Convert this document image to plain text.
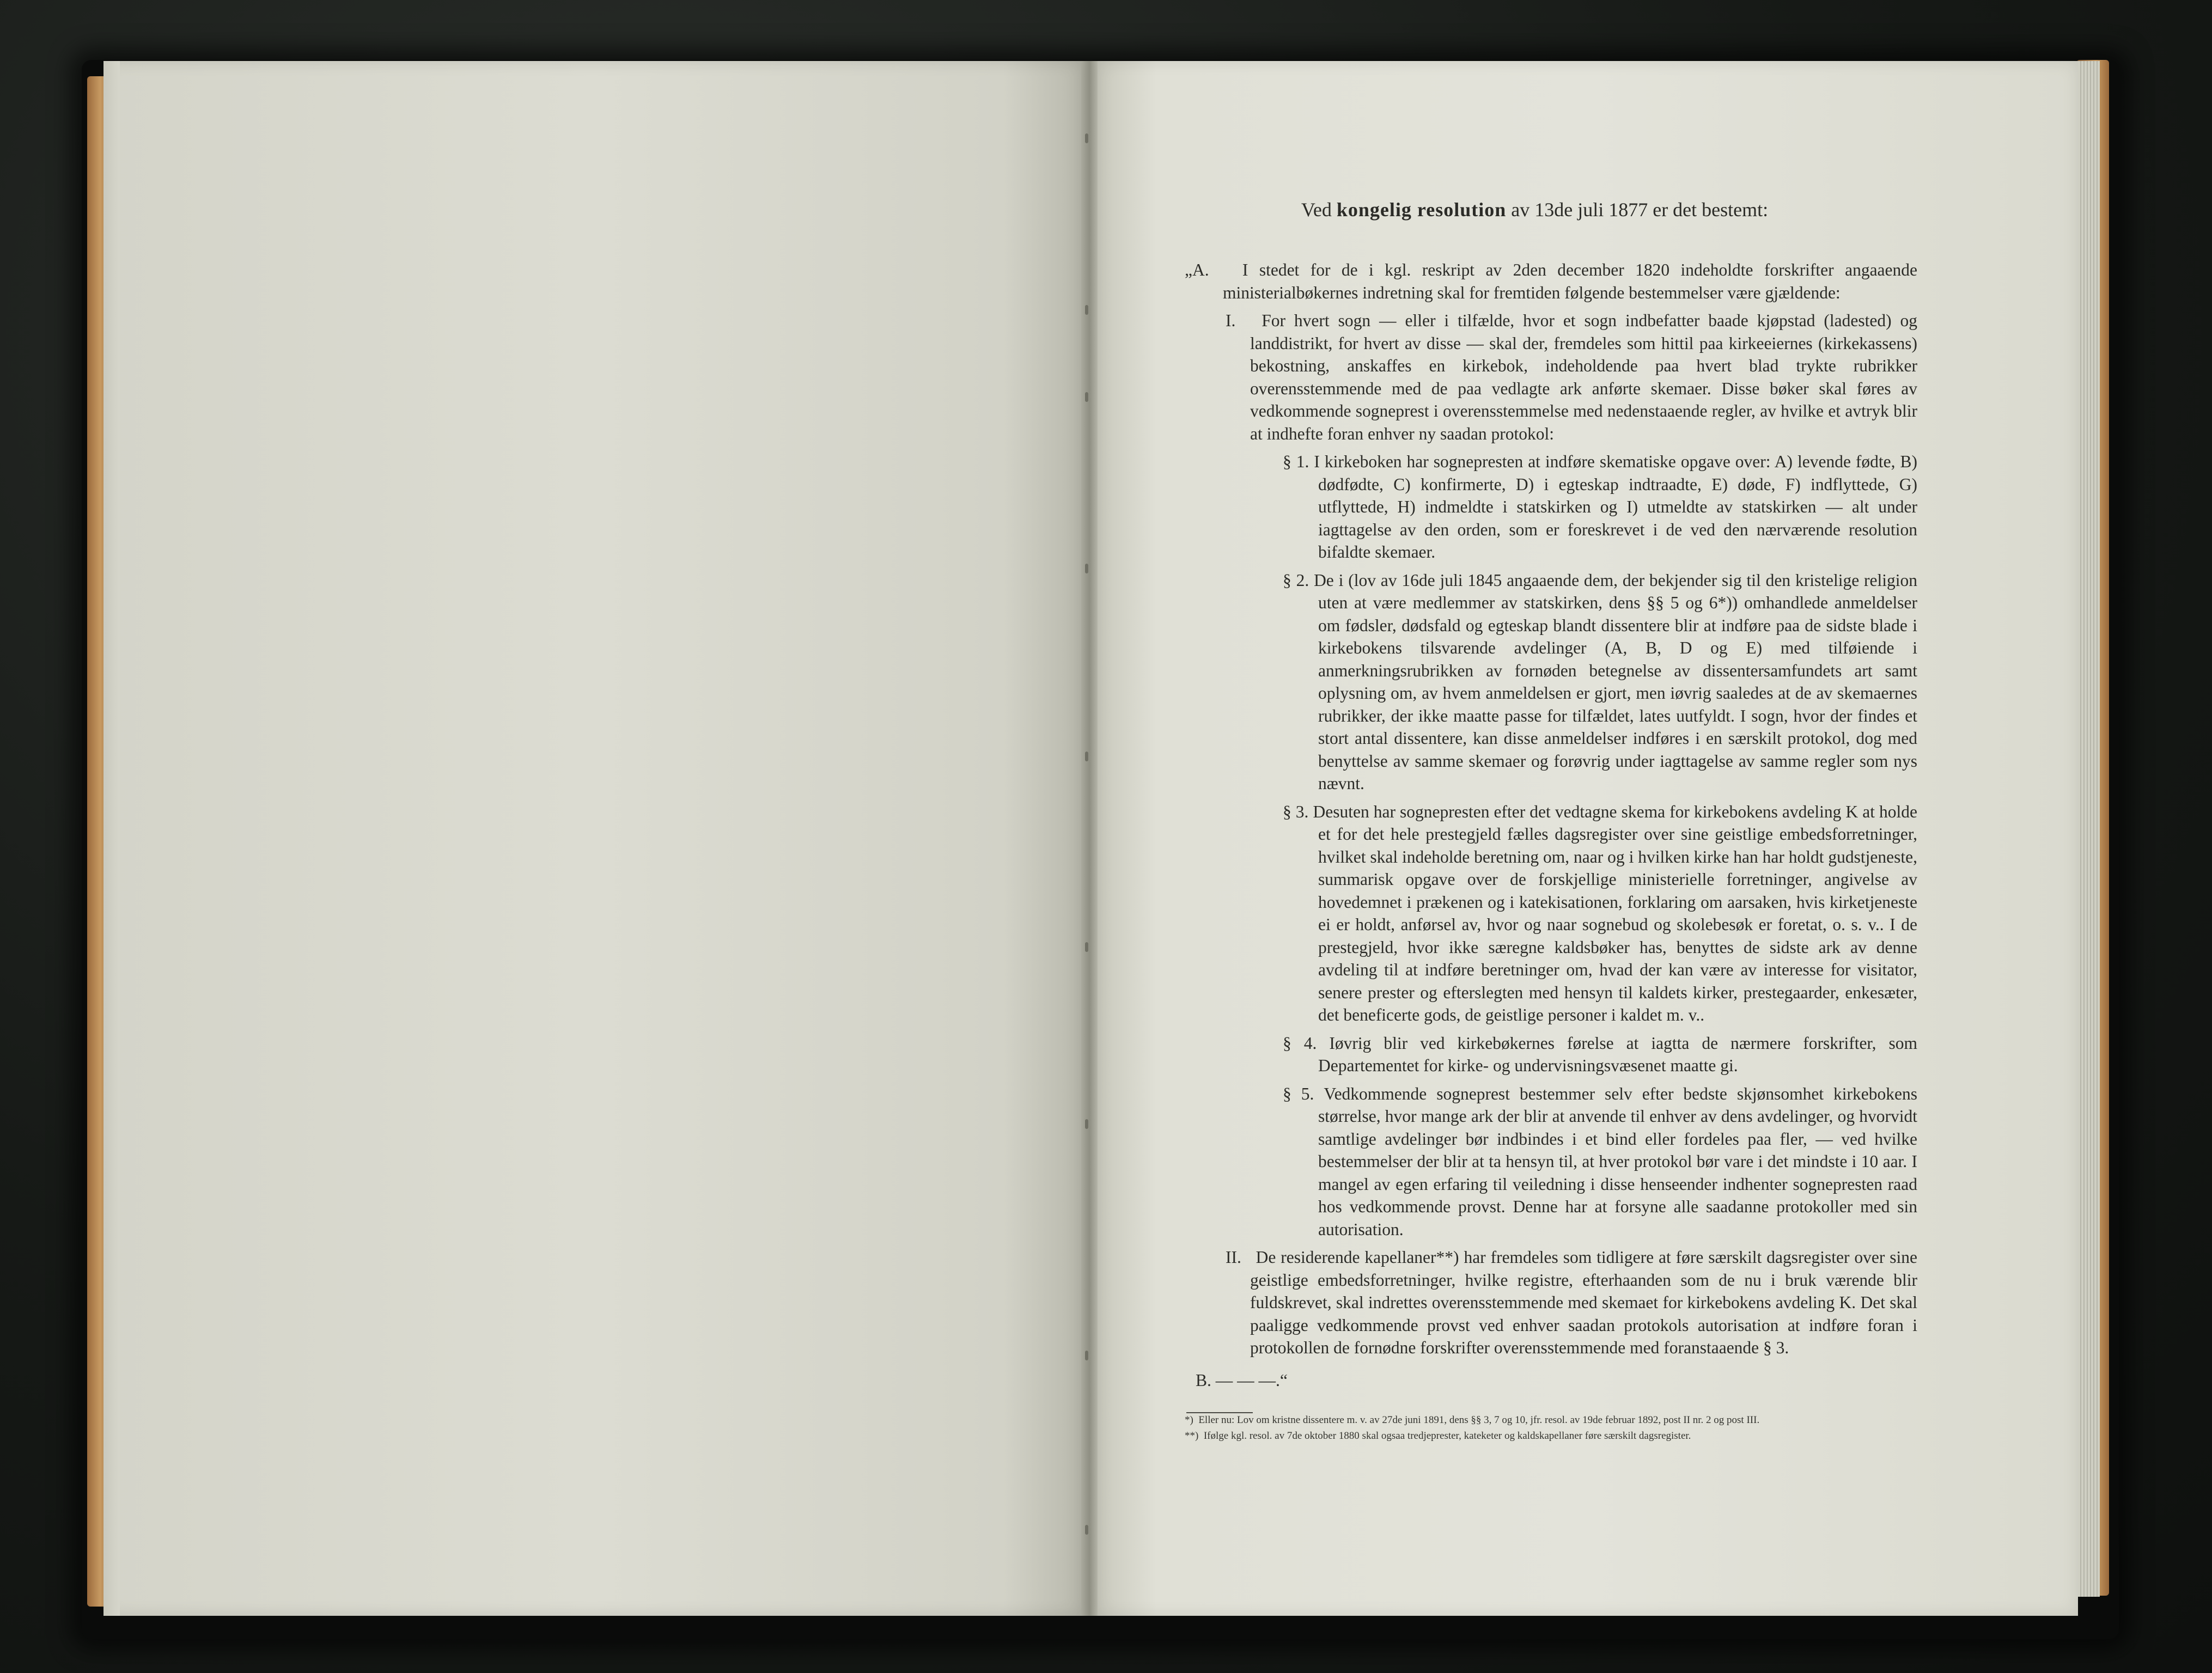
Ved kongelig resolution av 13de juli 1877 er det bestemt:
„A. I stedet for de i kgl. reskript av 2den december 1820 indeholdte forskrifter angaaende ministerialbøkernes indretning skal for fremtiden følgende bestemmelser være gjældende:
I. For hvert sogn — eller i tilfælde, hvor et sogn indbefatter baade kjøpstad (ladested) og landdistrikt, for hvert av disse — skal der, fremdeles som hittil paa kirkeeiernes (kirkekassens) bekostning, anskaffes en kirkebok, indeholdende paa hvert blad trykte rubrikker overensstemmende med de paa vedlagte ark anførte skemaer. Disse bøker skal føres av vedkommende sogneprest i overensstemmelse med nedenstaaende regler, av hvilke et avtryk blir at indhefte foran enhver ny saadan protokol:
§ 1. I kirkeboken har sognepresten at indføre skematiske opgave over: A) levende fødte, B) dødfødte, C) konfirmerte, D) i egteskap indtraadte, E) døde, F) indflyttede, G) utflyttede, H) indmeldte i statskirken og I) utmeldte av statskirken — alt under iagttagelse av den orden, som er foreskrevet i de ved den nærværende resolution bifaldte skemaer.
§ 2. De i (lov av 16de juli 1845 angaaende dem, der bekjender sig til den kristelige religion uten at være medlemmer av statskirken, dens §§ 5 og 6*)) omhandlede anmeldelser om fødsler, dødsfald og egteskap blandt dissentere blir at indføre paa de sidste blade i kirkebokens tilsvarende avdelinger (A, B, D og E) med tilføiende i anmerkningsrubrikken av fornøden betegnelse av dissentersamfundets art samt oplysning om, av hvem anmeldelsen er gjort, men iøvrig saaledes at de av skemaernes rubrikker, der ikke maatte passe for tilfældet, lates uutfyldt. I sogn, hvor der findes et stort antal dissentere, kan disse anmeldelser indføres i en særskilt protokol, dog med benyttelse av samme skemaer og forøvrig under iagttagelse av samme regler som nys nævnt.
§ 3. Desuten har sognepresten efter det vedtagne skema for kirkebokens avdeling K at holde et for det hele prestegjeld fælles dagsregister over sine geistlige embedsforretninger, hvilket skal indeholde beretning om, naar og i hvilken kirke han har holdt gudstjeneste, summarisk opgave over de forskjellige ministerielle forretninger, angivelse av hovedemnet i prækenen og i katekisationen, forklaring om aarsaken, hvis kirketjeneste ei er holdt, anførsel av, hvor og naar sognebud og skolebesøk er foretat, o. s. v.. I de prestegjeld, hvor ikke særegne kaldsbøker has, benyttes de sidste ark av denne avdeling til at indføre beretninger om, hvad der kan være av interesse for visitator, senere prester og efterslegten med hensyn til kaldets kirker, prestegaarder, enkesæter, det beneficerte gods, de geistlige personer i kaldet m. v..
§ 4. Iøvrig blir ved kirkebøkernes førelse at iagtta de nærmere forskrifter, som Departementet for kirke- og undervisningsvæsenet maatte gi.
§ 5. Vedkommende sogneprest bestemmer selv efter bedste skjønsomhet kirkebokens størrelse, hvor mange ark der blir at anvende til enhver av dens avdelinger, og hvorvidt samtlige avdelinger bør indbindes i et bind eller fordeles paa fler, — ved hvilke bestemmelser der blir at ta hensyn til, at hver protokol bør vare i det mindste i 10 aar. I mangel av egen erfaring til veiledning i disse henseender indhenter sognepresten raad hos vedkommende provst. Denne har at forsyne alle saadanne protokoller med sin autorisation.
II. De residerende kapellaner**) har fremdeles som tidligere at føre særskilt dagsregister over sine geistlige embedsforretninger, hvilke registre, efterhaanden som de nu i bruk værende blir fuldskrevet, skal indrettes overensstemmende med skemaet for kirkebokens avdeling K. Det skal paaligge vedkommende provst ved enhver saadan protokols autorisation at indføre foran i protokollen de fornødne forskrifter overensstemmende med foranstaaende § 3.
B. — — —.“
*) Eller nu: Lov om kristne dissentere m. v. av 27de juni 1891, dens §§ 3, 7 og 10, jfr. resol. av 19de februar 1892, post II nr. 2 og post III.
**) Ifølge kgl. resol. av 7de oktober 1880 skal ogsaa tredjeprester, kateketer og kaldskapellaner føre særskilt dagsregister.
